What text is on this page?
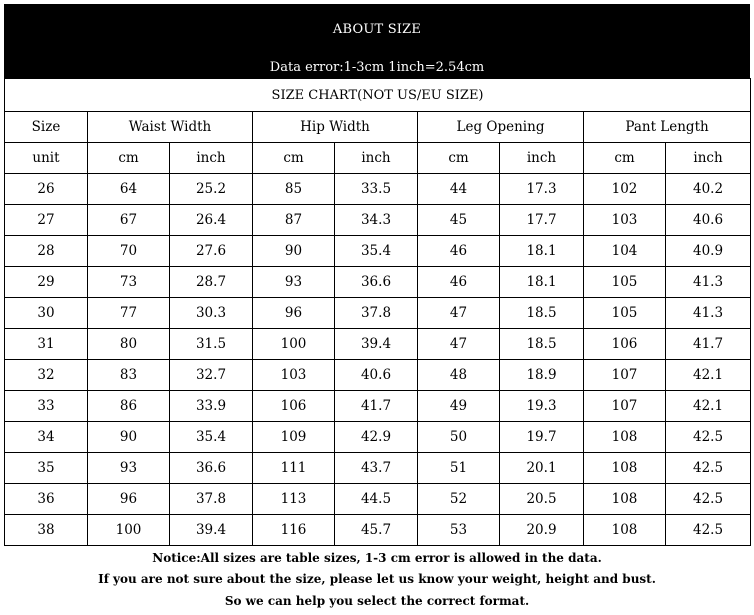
ABOUT SIZE
Data error:1-3cm 1inch=2.54cm
SIZE CHART(NOT US/EU SIZE)								
Size	Waist Width		Hip Width		Leg Opening		Pant Length	
unit	cm	inch	cm	inch	cm	inch	cm	inch
26	64	25.2	85	33.5	44	17.3	102	40.2
27	67	26.4	87	34.3	45	17.7	103	40.6
28	70	27.6	90	35.4	46	18.1	104	40.9
29	73	28.7	93	36.6	46	18.1	105	41.3
30	77	30.3	96	37.8	47	18.5	105	41.3
31	80	31.5	100	39.4	47	18.5	106	41.7
32	83	32.7	103	40.6	48	18.9	107	42.1
33	86	33.9	106	41.7	49	19.3	107	42.1
34	90	35.4	109	42.9	50	19.7	108	42.5
35	93	36.6	111	43.7	51	20.1	108	42.5
36	96	37.8	113	44.5	52	20.5	108	42.5
38	100	39.4	116	45.7	53	20.9	108	42.5
Notice:All sizes are table sizes, 1-3 cm error is allowed in the data.
If you are not sure about the size, please let us know your weight, height and bust.
So we can help you select the correct format.
